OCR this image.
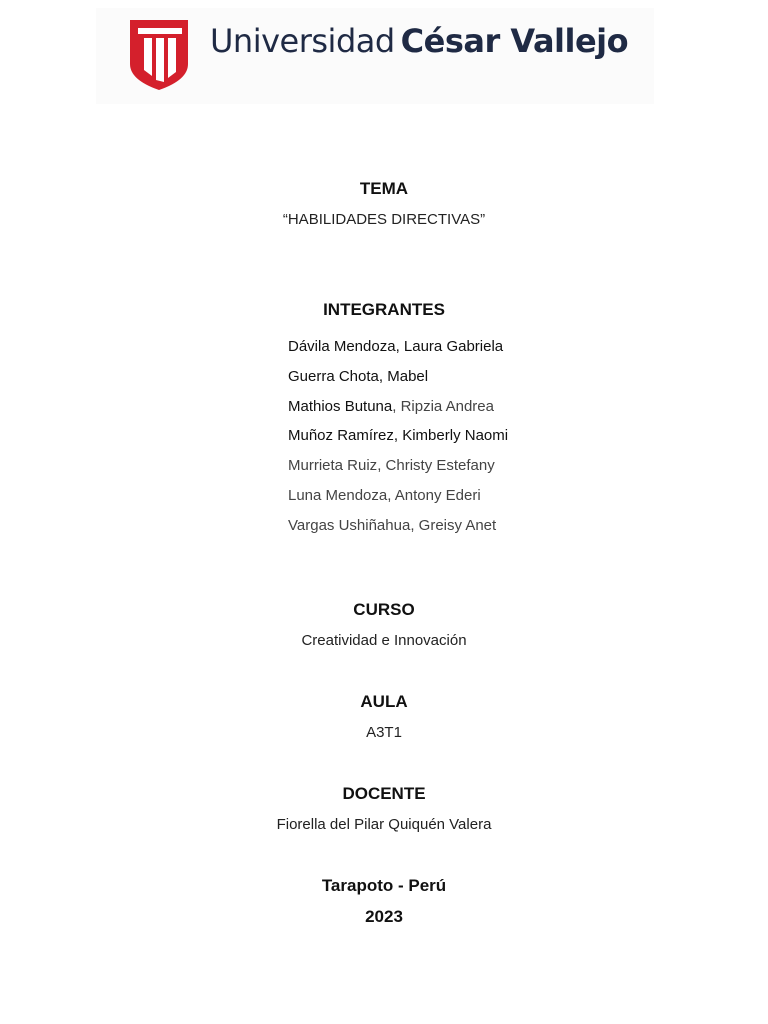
Universidad César Vallejo
TEMA
“HABILIDADES DIRECTIVAS”
INTEGRANTES
Dávila Mendoza, Laura Gabriela
Guerra Chota, Mabel
Mathios Butuna, Ripzia Andrea
Muñoz Ramírez, Kimberly Naomi
Murrieta Ruiz, Christy Estefany
Luna Mendoza, Antony Ederi
Vargas Ushiñahua, Greisy Anet
CURSO
Creatividad e Innovación
AULA
A3T1
DOCENTE
Fiorella del Pilar Quiquén Valera
Tarapoto - Perú
2023
